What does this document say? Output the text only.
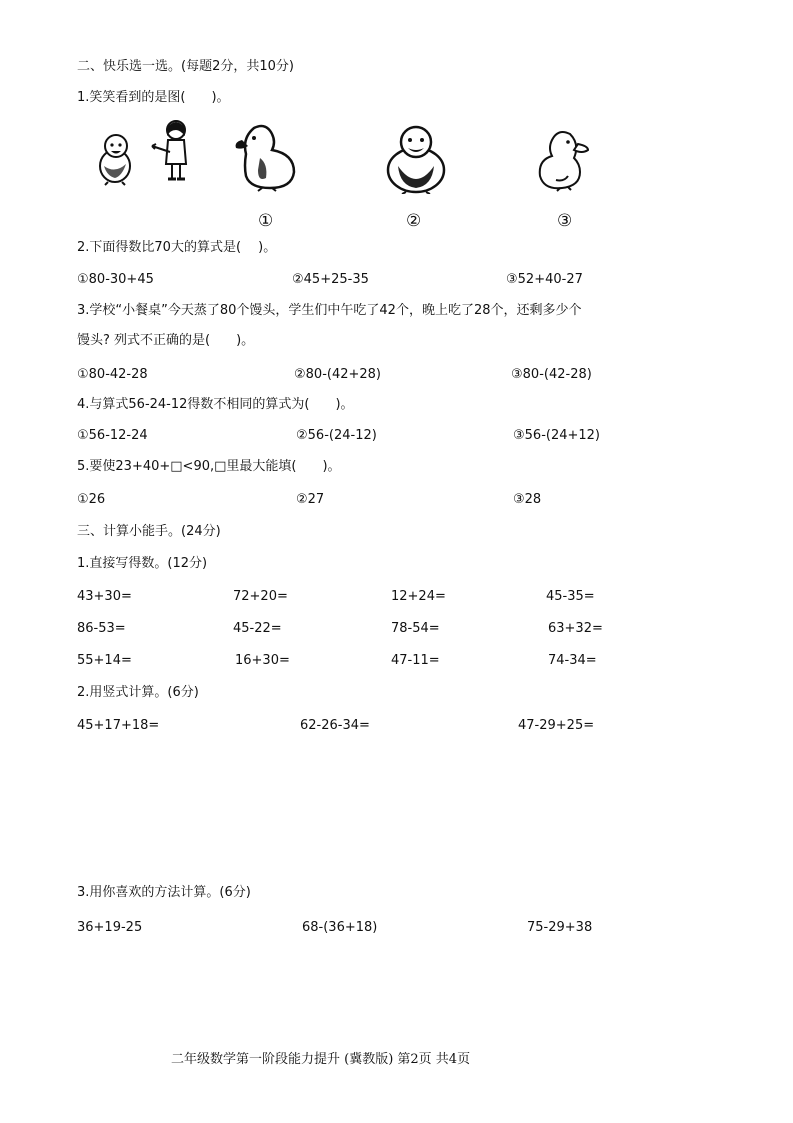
二、快乐选一选。(每题2分，共10分)
1.笑笑看到的是图(　　)。
①	②	③
2.下面得数比70大的算式是(　 )。
①80-30+45	②45+25-35	③52+40-27
3.学校“小餐桌”今天蒸了80个馒头，学生们中午吃了42个，晚上吃了28个，还剩多少个
馒头? 列式不正确的是(　　)。
①80-42-28	②80-(42+28)	③80-(42-28)
4.与算式56-24-12得数不相同的算式为(　　)。
①56-12-24	②56-(24-12)	③56-(24+12)
5.要使23+40+□<90,□里最大能填(　　)。
①26	②27	③28
三、计算小能手。(24分)
1.直接写得数。(12分)
43+30=	72+20=	12+24=	45-35=
86-53=	45-22=	78-54=	63+32=
55+14=	16+30=	47-11=	74-34=
2.用竖式计算。(6分)
45+17+18=	62-26-34=	47-29+25=
3.用你喜欢的方法计算。(6分)
36+19-25	68-(36+18)	75-29+38
二年级数学第一阶段能力提升 (冀教版) 第2页 共4页
